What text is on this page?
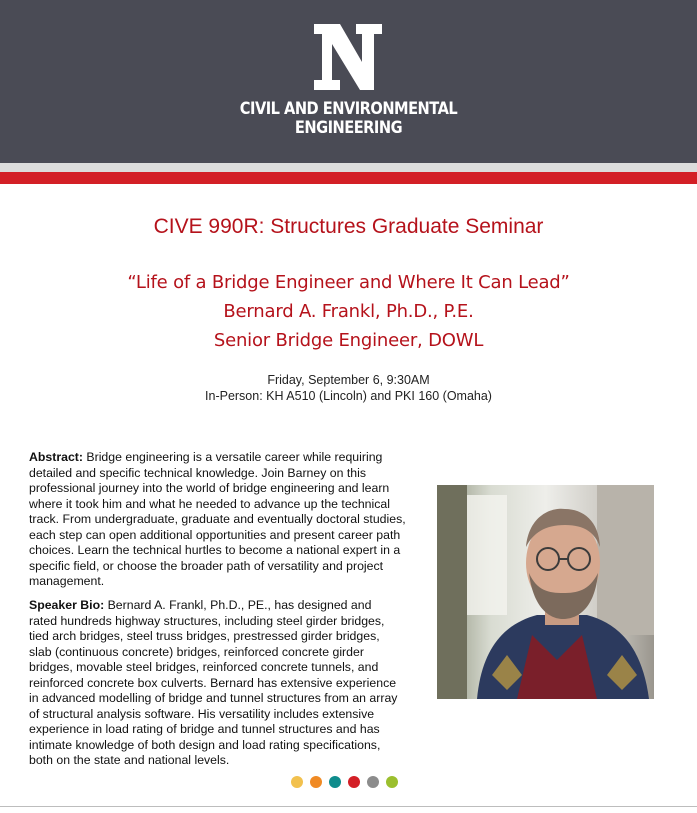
CIVIL AND ENVIRONMENTAL
ENGINEERING
CIVE 990R: Structures Graduate Seminar
“Life of a Bridge Engineer and Where It Can Lead”
Bernard A. Frankl, Ph.D., P.E.
Senior Bridge Engineer, DOWL
Friday, September 6, 9:30AM
In-Person: KH A510 (Lincoln) and PKI 160 (Omaha)
Abstract: Bridge engineering is a versatile career while requiring
detailed and specific technical knowledge. Join Barney on this
professional journey into the world of bridge engineering and learn
where it took him and what he needed to advance up the technical
track. From undergraduate, graduate and eventually doctoral studies,
each step can open additional opportunities and present career path
choices. Learn the technical hurtles to become a national expert in a
specific field, or choose the broader path of versatility and project
management.
Speaker Bio: Bernard A. Frankl, Ph.D., PE., has designed and
rated hundreds highway structures, including steel girder bridges,
tied arch bridges, steel truss bridges, prestressed girder bridges,
slab (continuous concrete) bridges, reinforced concrete girder
bridges, movable steel bridges, reinforced concrete tunnels, and
reinforced concrete box culverts. Bernard has extensive experience
in advanced modelling of bridge and tunnel structures from an array
of structural analysis software. His versatility includes extensive
experience in load rating of bridge and tunnel structures and has
intimate knowledge of both design and load rating specifications,
both on the state and national levels.
